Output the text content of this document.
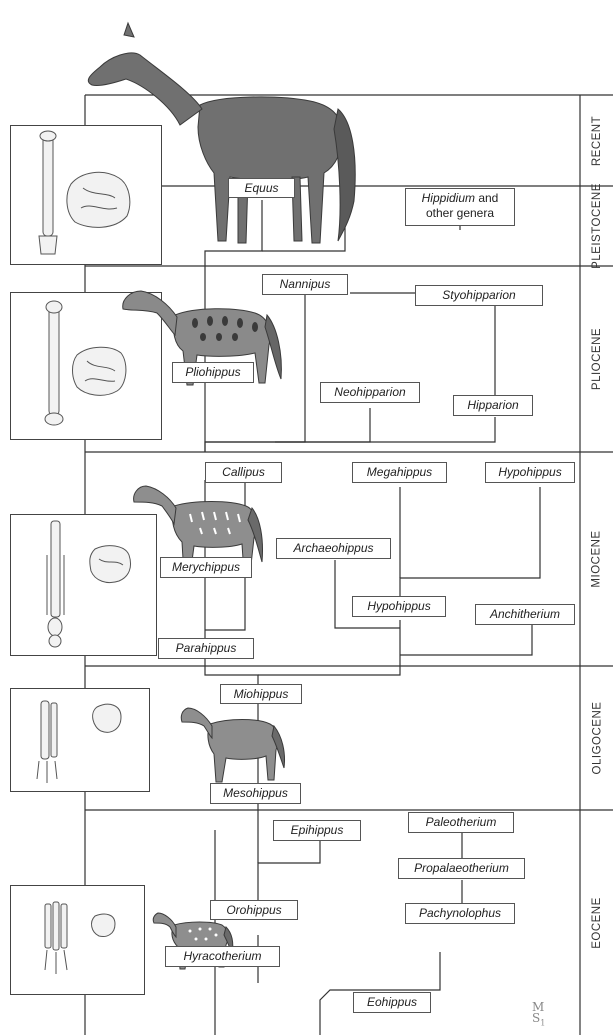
RECENT
PLEISTOCENE
PLIOCENE
MIOCENE
OLIGOCENE
EOCENE
Equus
Hippidium and
other genera
Nannipus
Styohipparion
Pliohippus
Neohipparion
Hipparion
Callipus	Megahippus	Hypohippus
Archaeohippus
Merychippus
Hypohippus
Anchitherium
Parahippus
Miohippus
Mesohippus
Epihippus
Paleotherium
Propalaeotherium
Orohippus	Pachynolophus
Hyracotherium
Eohippus	M
$S_1$
